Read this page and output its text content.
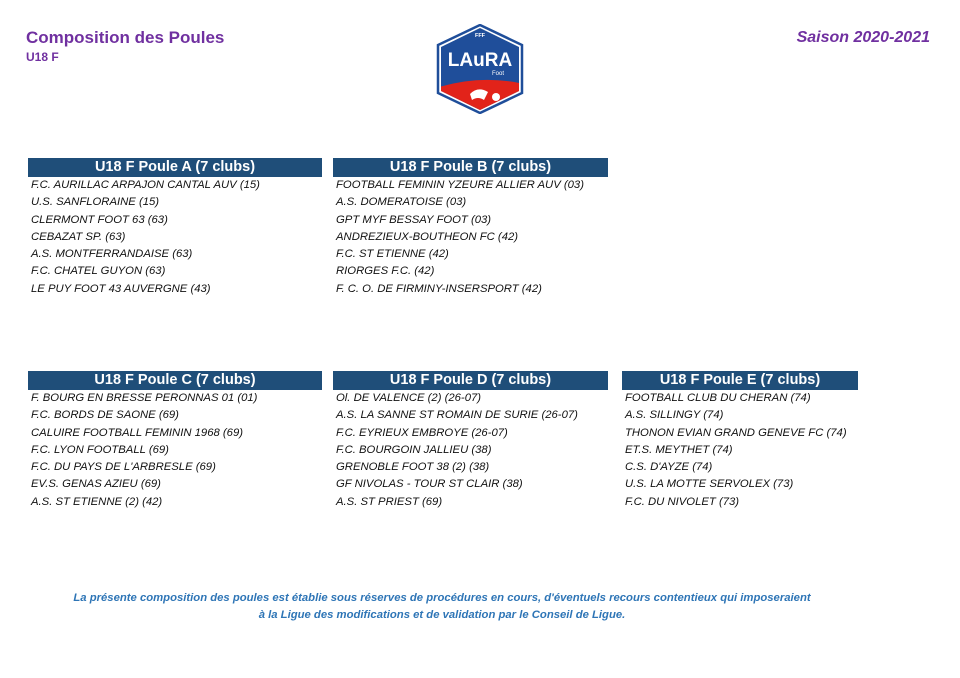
Composition des Poules
U18 F
Saison 2020-2021
FFF
LAuRA
Foot
U18 F Poule A (7 clubs)
F.C. AURILLAC ARPAJON CANTAL AUV (15)
U.S. SANFLORAINE (15)
CLERMONT FOOT 63 (63)
CEBAZAT SP. (63)
A.S. MONTFERRANDAISE (63)
F.C. CHATEL GUYON (63)
LE PUY FOOT 43 AUVERGNE (43)
U18 F Poule B (7 clubs)
FOOTBALL FEMININ YZEURE ALLIER AUV (03)
A.S. DOMERATOISE (03)
GPT MYF BESSAY FOOT (03)
ANDREZIEUX-BOUTHEON FC (42)
F.C. ST ETIENNE (42)
RIORGES F.C. (42)
F. C. O. DE FIRMINY-INSERSPORT (42)
U18 F Poule C (7 clubs)
F. BOURG EN BRESSE PERONNAS 01 (01)
F.C. BORDS DE SAONE (69)
CALUIRE FOOTBALL FEMININ 1968 (69)
F.C. LYON FOOTBALL (69)
F.C. DU PAYS DE L'ARBRESLE (69)
EV.S. GENAS AZIEU (69)
A.S. ST ETIENNE (2) (42)
U18 F Poule D (7 clubs)
Ol. DE VALENCE (2) (26-07)
A.S. LA SANNE ST ROMAIN DE SURIE (26-07)
F.C. EYRIEUX EMBROYE (26-07)
F.C. BOURGOIN JALLIEU (38)
GRENOBLE FOOT 38 (2) (38)
GF NIVOLAS - TOUR ST CLAIR (38)
A.S. ST PRIEST (69)
U18 F Poule E (7 clubs)
FOOTBALL CLUB DU CHERAN (74)
A.S. SILLINGY (74)
THONON EVIAN GRAND GENEVE FC (74)
ET.S. MEYTHET (74)
C.S. D'AYZE (74)
U.S. LA MOTTE SERVOLEX (73)
F.C. DU NIVOLET (73)
La présente composition des poules est établie sous réserves de procédures en cours, d'éventuels recours contentieux qui imposeraient
à la Ligue des modifications et de validation par le Conseil de Ligue.
